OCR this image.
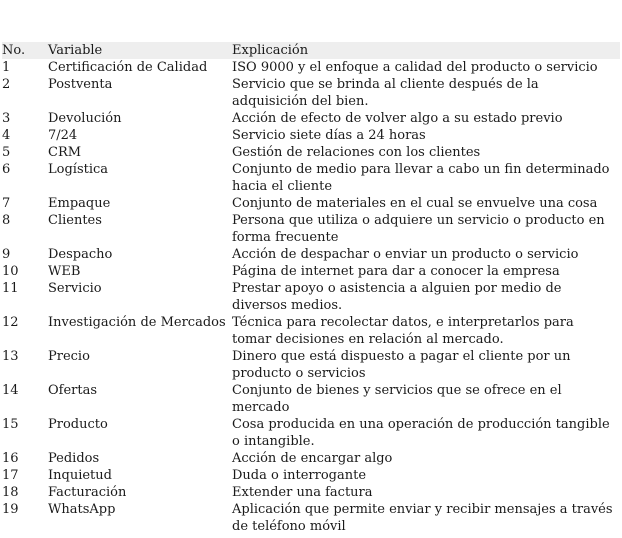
No.	Variable	Explicación
1	Certificación de Calidad	ISO 9000 y el enfoque a calidad del producto o servicio
2	Postventa	Servicio que se brinda al cliente después de la adquisición del bien.
3	Devolución	Acción de efecto de volver algo a su estado previo
4	7/24	Servicio siete días a 24 horas
5	CRM	Gestión de relaciones con los clientes
6	Logística	Conjunto de medio para llevar a cabo un fin determinado hacia el cliente
7	Empaque	Conjunto de materiales en el cual se envuelve una cosa
8	Clientes	Persona que utiliza o adquiere un servicio o producto en forma frecuente
9	Despacho	Acción de despachar o enviar un producto o servicio
10	WEB	Página de internet para dar a conocer la empresa
11	Servicio	Prestar apoyo o asistencia a alguien por medio de diversos medios.
12	Investigación de Mercados	Técnica para recolectar datos, e interpretarlos para tomar decisiones en relación al mercado.
13	Precio	Dinero que está dispuesto a pagar el cliente por un producto o servicios
14	Ofertas	Conjunto de bienes y servicios que se ofrece en el mercado
15	Producto	Cosa producida en una operación de producción tangible o intangible.
16	Pedidos	Acción de encargar algo
17	Inquietud	Duda o interrogante
18	Facturación	Extender una factura
19	WhatsApp	Aplicación que permite enviar y recibir mensajes a través de teléfono móvil
